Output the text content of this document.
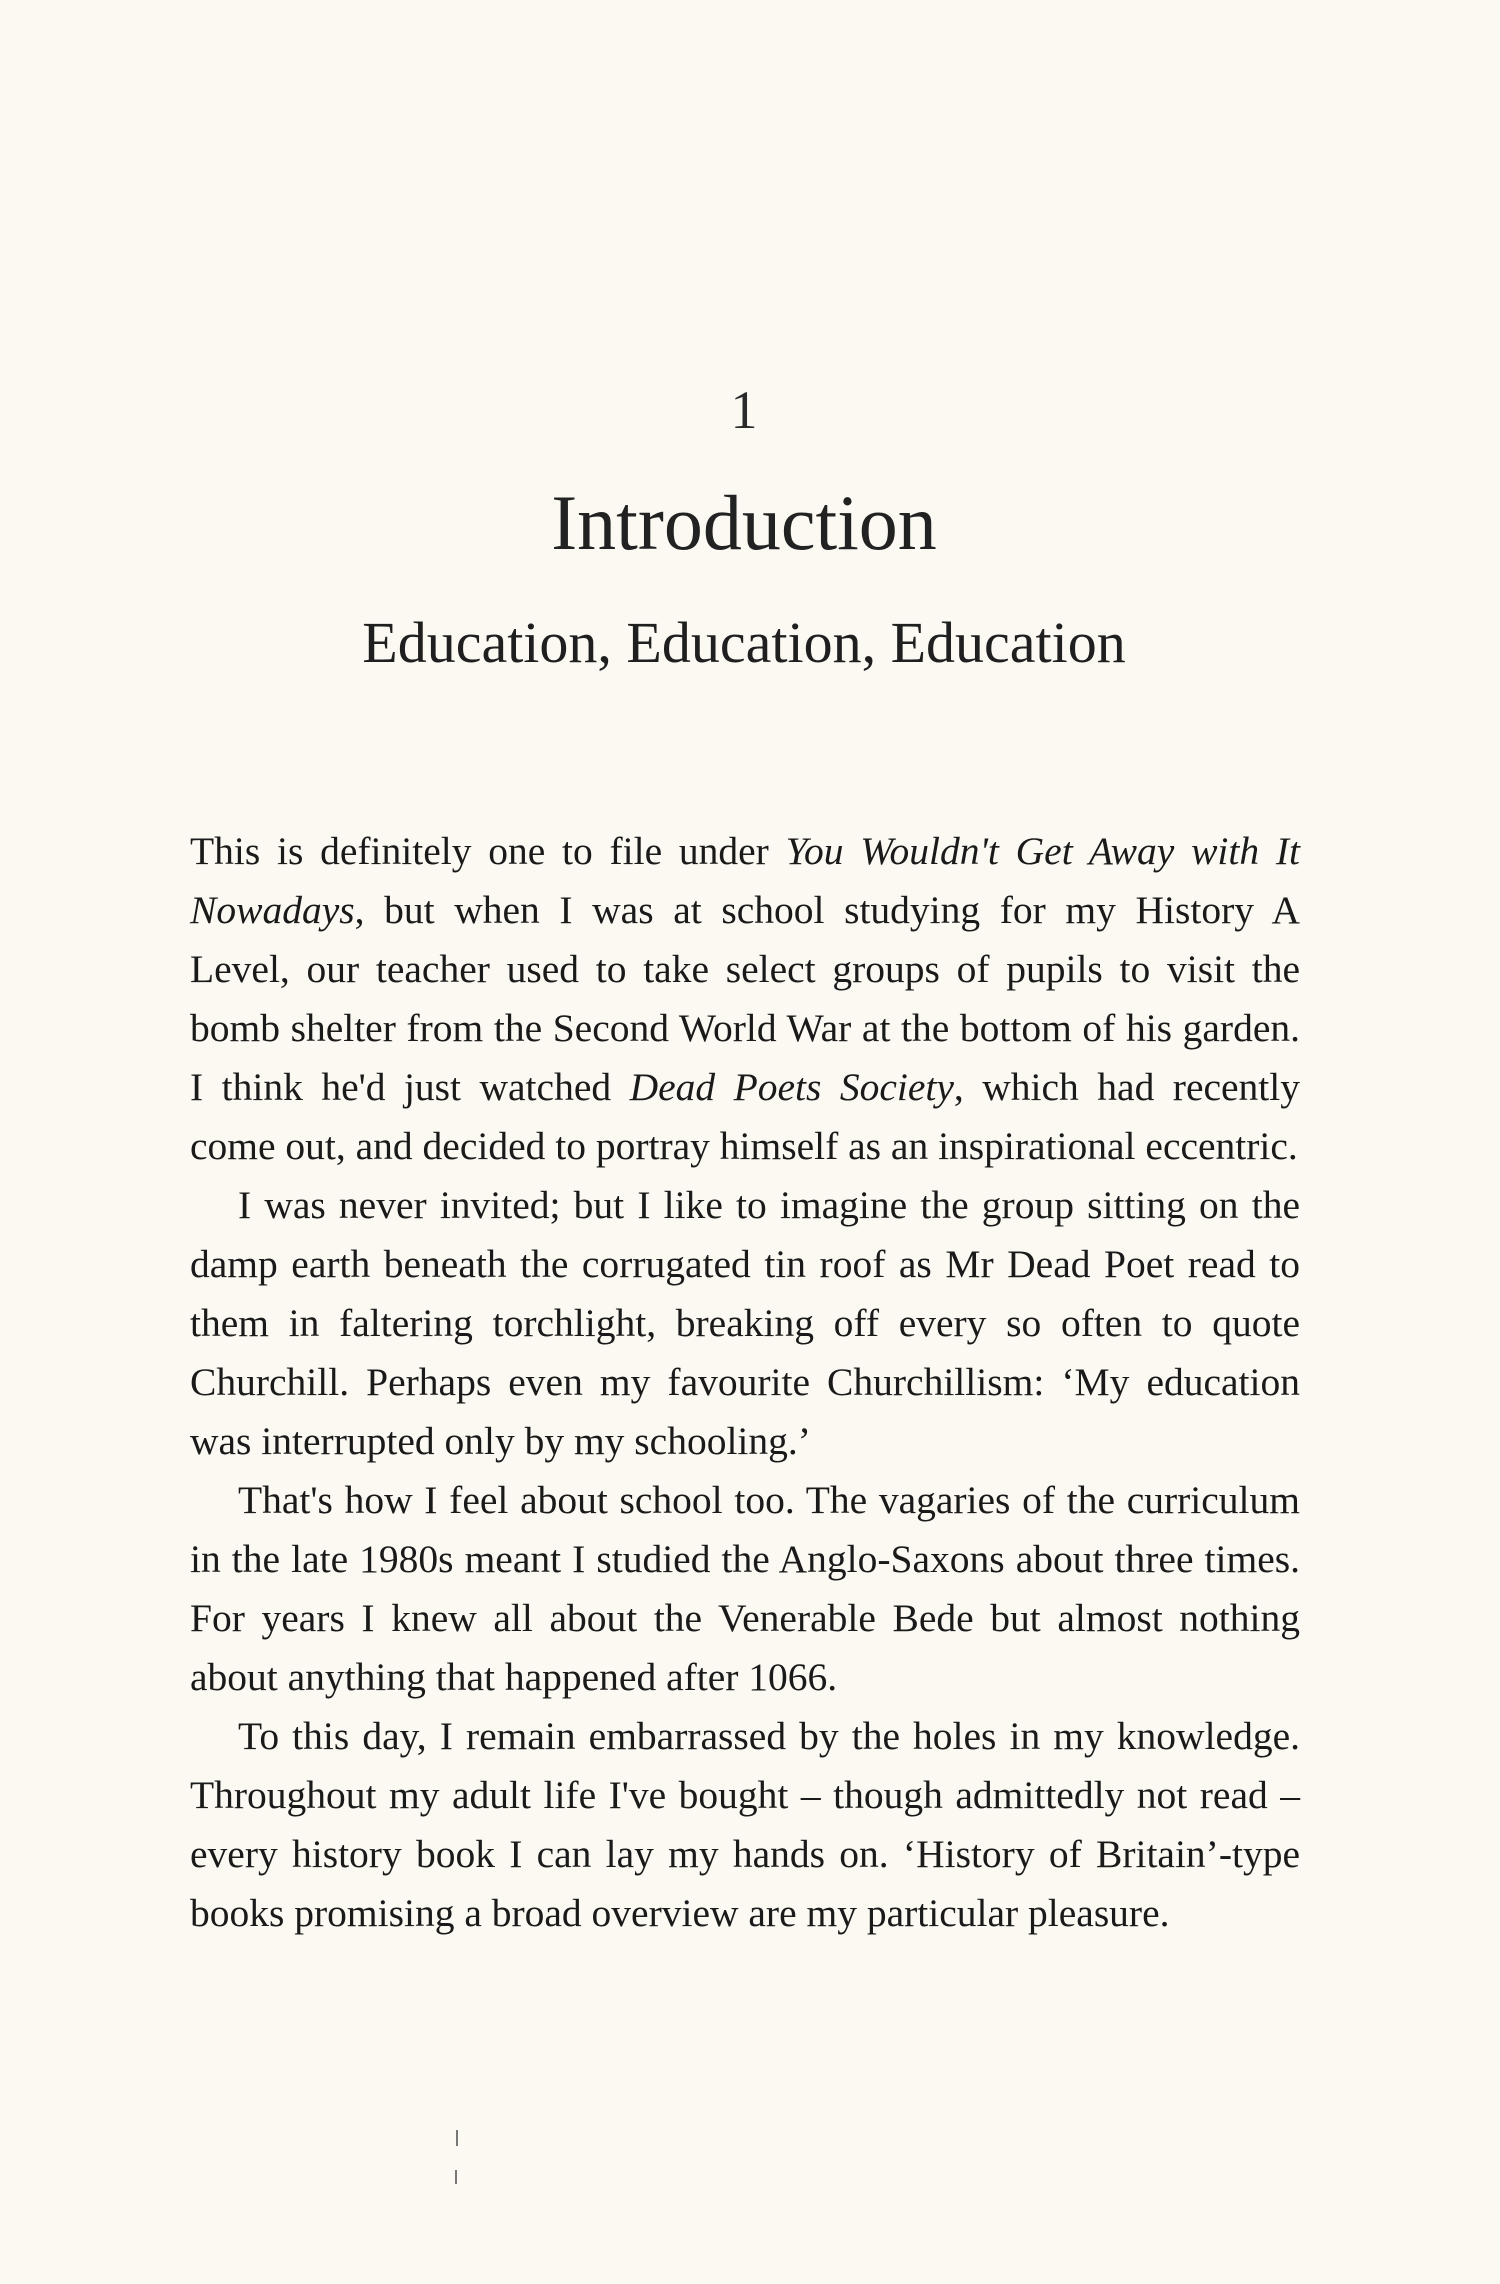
1
Introduction
Education, Education, Education

This is definitely one to file under You Wouldn't Get Away with It Nowadays, but when I was at school studying for my History A Level, our teacher used to take select groups of pupils to visit the bomb shelter from the Second World War at the bottom of his garden. I think he'd just watched Dead Poets Society, which had recently come out, and decided to portray himself as an inspirational eccentric.

I was never invited; but I like to imagine the group sitting on the damp earth beneath the corrugated tin roof as Mr Dead Poet read to them in faltering torchlight, breaking off every so often to quote Churchill. Perhaps even my favourite Churchillism: ‘My education was interrupted only by my schooling.’

That's how I feel about school too. The vagaries of the curriculum in the late 1980s meant I studied the Anglo-Saxons about three times. For years I knew all about the Venerable Bede but almost nothing about anything that happened after 1066.

To this day, I remain embarrassed by the holes in my knowledge. Throughout my adult life I've bought – though admittedly not read – every history book I can lay my hands on. ‘History of Britain’-type books promising a broad overview are my particular pleasure.
